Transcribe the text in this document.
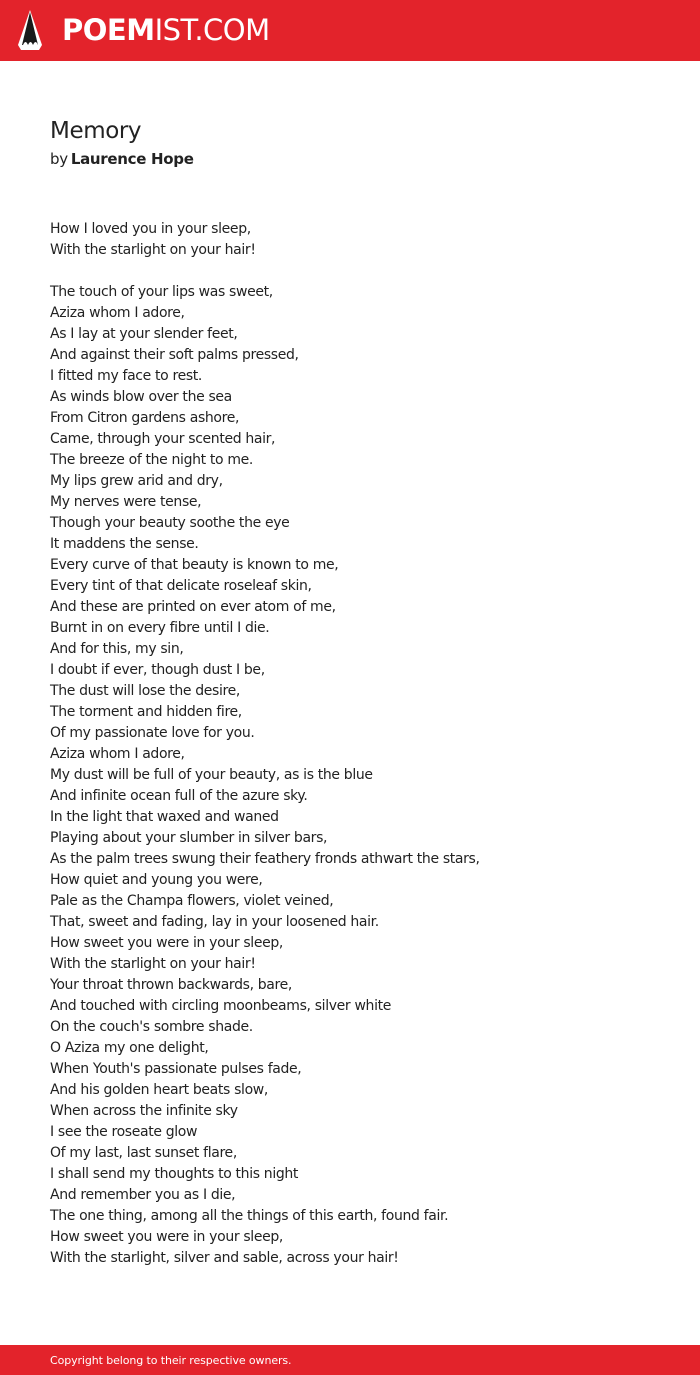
POEMIST.COM
Memory
by Laurence Hope
How I loved you in your sleep,
With the starlight on your hair!
The touch of your lips was sweet,
Aziza whom I adore,
As I lay at your slender feet,
And against their soft palms pressed,
I fitted my face to rest.
As winds blow over the sea
From Citron gardens ashore,
Came, through your scented hair,
The breeze of the night to me.
My lips grew arid and dry,
My nerves were tense,
Though your beauty soothe the eye
It maddens the sense.
Every curve of that beauty is known to me,
Every tint of that delicate roseleaf skin,
And these are printed on ever atom of me,
Burnt in on every fibre until I die.
And for this, my sin,
I doubt if ever, though dust I be,
The dust will lose the desire,
The torment and hidden fire,
Of my passionate love for you.
Aziza whom I adore,
My dust will be full of your beauty, as is the blue
And infinite ocean full of the azure sky.
In the light that waxed and waned
Playing about your slumber in silver bars,
As the palm trees swung their feathery fronds athwart the stars,
How quiet and young you were,
Pale as the Champa flowers, violet veined,
That, sweet and fading, lay in your loosened hair.
How sweet you were in your sleep,
With the starlight on your hair!
Your throat thrown backwards, bare,
And touched with circling moonbeams, silver white
On the couch's sombre shade.
O Aziza my one delight,
When Youth's passionate pulses fade,
And his golden heart beats slow,
When across the infinite sky
I see the roseate glow
Of my last, last sunset flare,
I shall send my thoughts to this night
And remember you as I die,
The one thing, among all the things of this earth, found fair.
How sweet you were in your sleep,
With the starlight, silver and sable, across your hair!
Copyright belong to their respective owners.
